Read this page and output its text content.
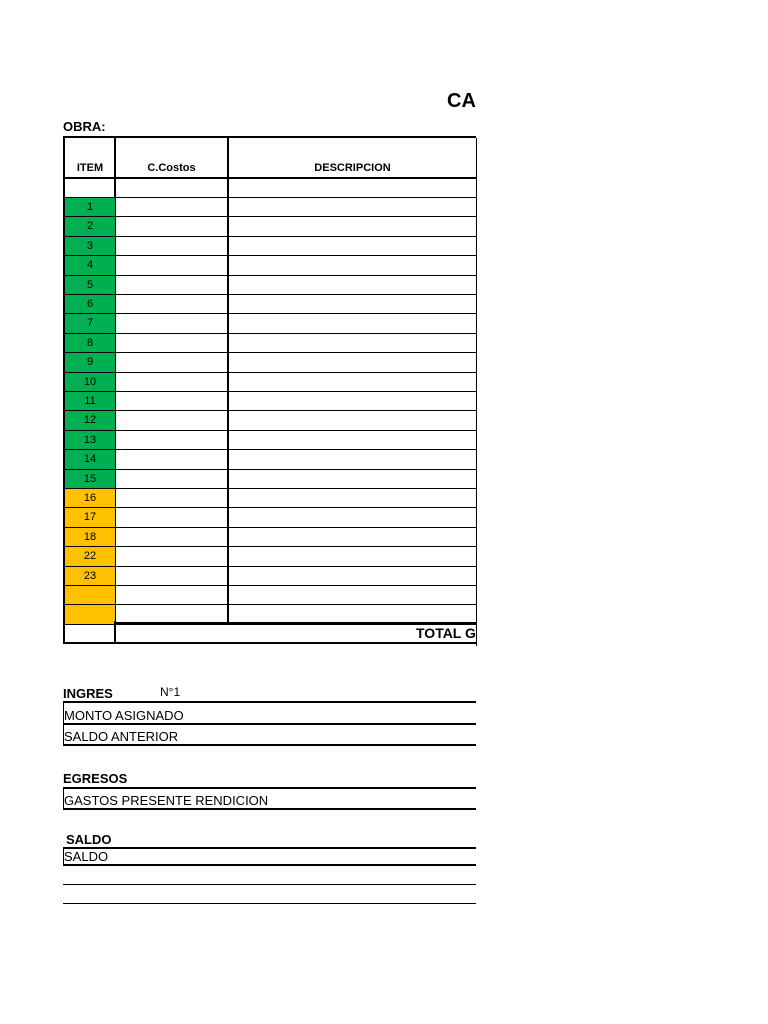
CA
OBRA:
ITEM	C.Costos	DESCRIPCION
1
2
3
4
5
6
7
8
9
10
11
12
13
14
15
16
17
18
22
23
TOTAL G
INGRES	N°1
MONTO ASIGNADO
SALDO ANTERIOR
EGRESOS
GASTOS PRESENTE RENDICION
SALDO
SALDO
